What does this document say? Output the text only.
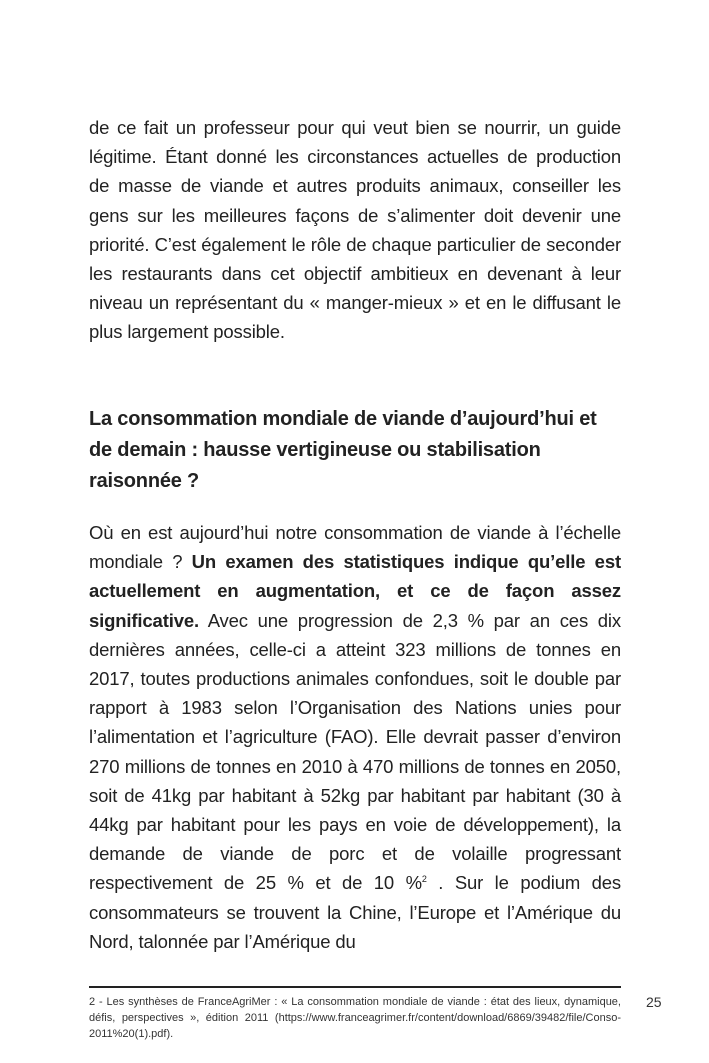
de ce fait un professeur pour qui veut bien se nourrir, un guide légitime. Étant donné les circonstances actuelles de production de masse de viande et autres produits animaux, conseiller les gens sur les meilleures façons de s’alimenter doit devenir une priorité. C’est également le rôle de chaque particulier de seconder les restaurants dans cet objectif ambitieux en devenant à leur niveau un représentant du « manger-mieux » et en le diffusant le plus largement possible.
La consommation mondiale de viande d’aujourd’hui et de demain : hausse vertigineuse ou stabilisation raisonnée ?
Où en est aujourd’hui notre consommation de viande à l’échelle mondiale ? Un examen des statistiques indique qu’elle est actuellement en augmentation, et ce de façon assez significative. Avec une progression de 2,3 % par an ces dix dernières années, celle-ci a atteint 323 millions de tonnes en 2017, toutes productions animales confondues, soit le double par rapport à 1983 selon l’Organisation des Nations unies pour l’alimentation et l’agriculture (FAO). Elle devrait passer d’environ 270 millions de tonnes en 2010 à 470 millions de tonnes en 2050, soit de 41kg par habitant à 52kg par habitant par habitant (30 à 44kg par habitant pour les pays en voie de développement), la demande de viande de porc et de volaille progressant respectivement de 25 % et de 10 %$^2$ . Sur le podium des consommateurs se trouvent la Chine, l’Europe et l’Amérique du Nord, talonnée par l’Amérique du
2 - Les synthèses de FranceAgriMer : « La consommation mondiale de viande : état des lieux, dynamique, défis, perspectives », édition 2011 (https://www.franceagrimer.fr/content/download/6869/39482/file/Conso-2011%20(1).pdf).
25
